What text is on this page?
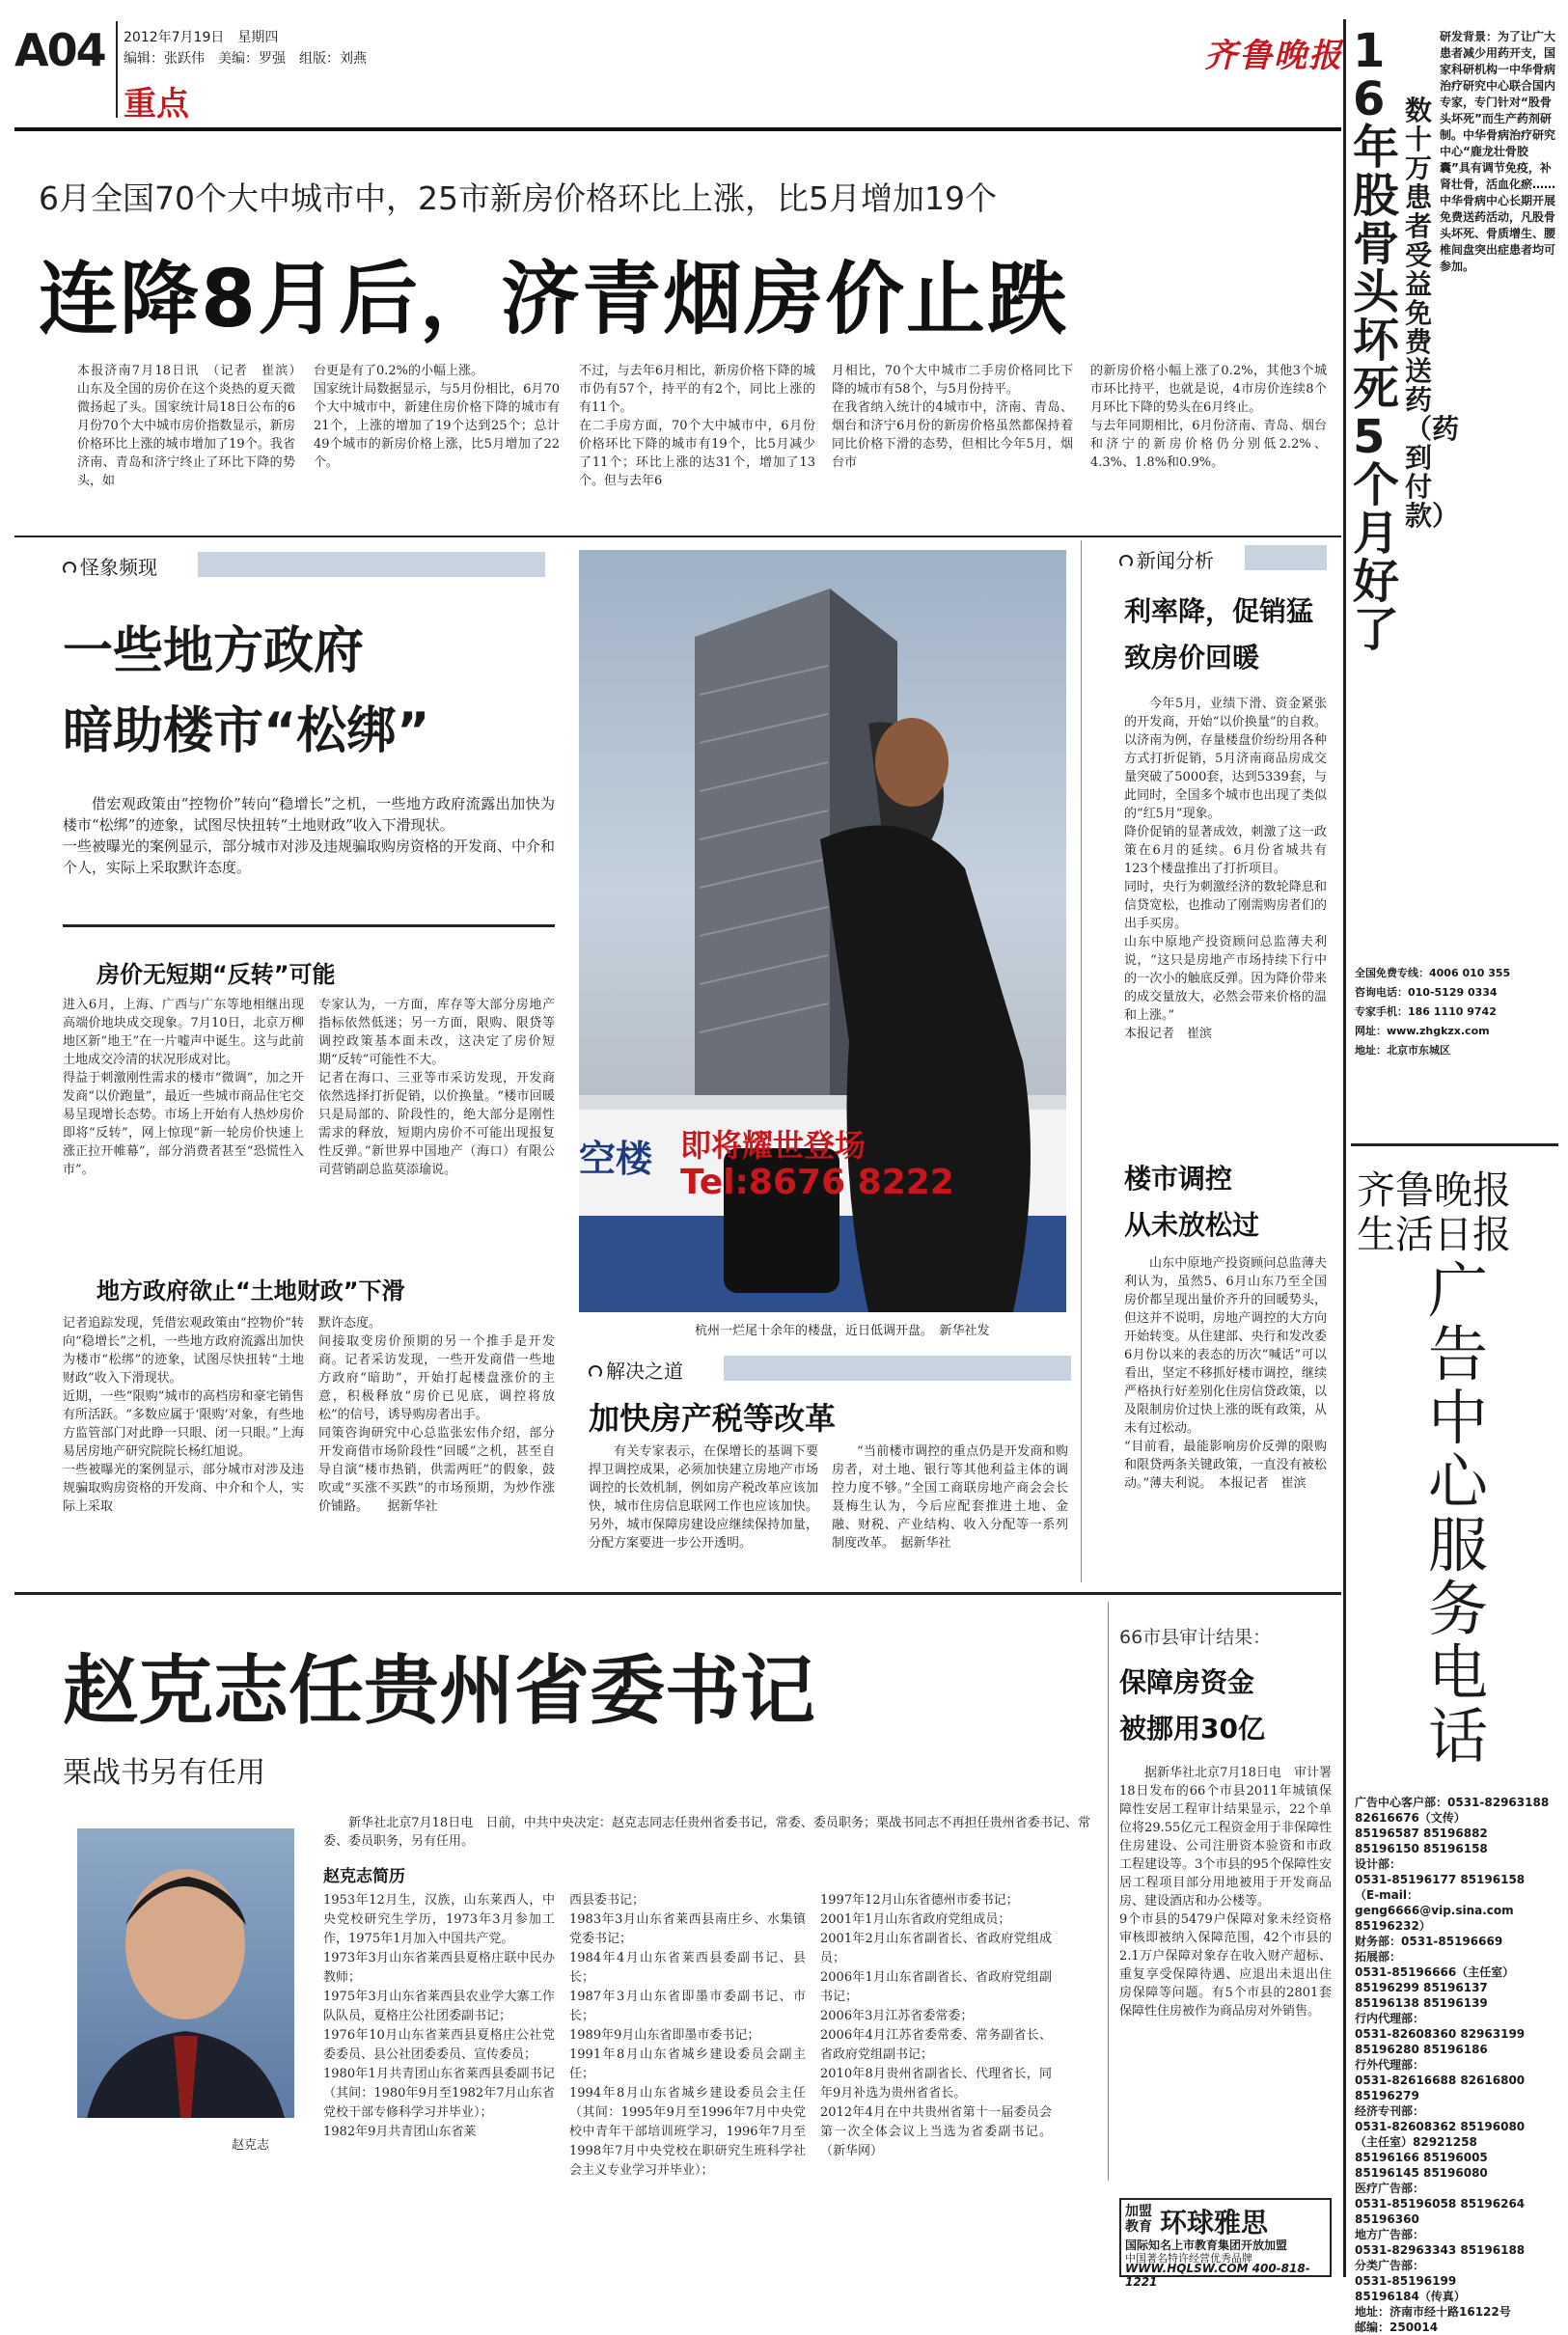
A04 2012年7月19日　星期四
编辑：张跃伟　美编：罗强　组版：刘燕
重点
齐鲁晚报
6月全国70个大中城市中，25市新房价格环比上涨，比5月增加19个
连降8月后，济青烟房价止跌
本报济南7月18日讯　（记者　崔滨）　山东及全国的房价在这个炎热的夏天微微扬起了头。国家统计局18日公布的6月份70个大中城市房价指数显示，新房价格环比上涨的城市增加了19个。我省济南、青岛和济宁终止了环比下降的势头，如
台更是有了0.2%的小幅上涨。
国家统计局数据显示，与5月份相比，6月70个大中城市中，新建住房价格下降的城市有21个，上涨的增加了19个达到25个；总计49个城市的新房价格上涨，比5月增加了22个。
不过，与去年6月相比，新房价格下降的城市仍有57个，持平的有2个，同比上涨的有11个。
在二手房方面，70个大中城市中，6月份价格环比下降的城市有19个，比5月减少了11个；环比上涨的达31个，增加了13个。但与去年6
月相比，70个大中城市二手房价格同比下降的城市有58个，与5月份持平。
在我省纳入统计的4城市中，济南、青岛、烟台和济宁6月份的新房价格虽然都保持着同比价格下滑的态势，但相比今年5月，烟台市
的新房价格小幅上涨了0.2%，其他3个城市环比持平，也就是说，4市房价连续8个月环比下降的势头在6月终止。
与去年同期相比，6月份济南、青岛、烟台和济宁的新房价格仍分别低2.2%、4.3%、1.8%和0.9%。
怪象频现
一些地方政府
暗助楼市“松绑”
借宏观政策由“控物价”转向“稳增长”之机，一些地方政府流露出加快为楼市“松绑”的迹象，试图尽快扭转“土地财政”收入下滑现状。
一些被曝光的案例显示，部分城市对涉及违规骗取购房资格的开发商、中介和个人，实际上采取默许态度。
房价无短期“反转”可能
进入6月，上海、广西与广东等地相继出现高端价地块成交现象。7月10日，北京万柳地区新“地王”在一片嘘声中诞生。这与此前土地成交冷清的状况形成对比。
得益于刺激刚性需求的楼市“微调”，加之开发商“以价跑量”，最近一些城市商品住宅交易呈现增长态势。市场上开始有人热炒房价即将“反转”，网上惊现“新一轮房价快速上涨正拉开帷幕”，部分消费者甚至“恐慌性入市”。
专家认为，一方面，库存等大部分房地产指标依然低迷；另一方面，限购、限贷等调控政策基本面未改，这决定了房价短期“反转”可能性不大。
记者在海口、三亚等市采访发现，开发商依然选择打折促销，以价换量。“楼市回暖只是局部的、阶段性的，绝大部分是刚性需求的释放，短期内房价不可能出现报复性反弹。”新世界中国地产（海口）有限公司营销副总监莫添瑜说。
地方政府欲止“土地财政”下滑
记者追踪发现，凭借宏观政策由“控物价”转向“稳增长”之机，一些地方政府流露出加快为楼市“松绑”的迹象，试图尽快扭转“土地财政”收入下滑现状。
近期，一些“限购”城市的高档房和豪宅销售有所活跃。“多数应属于‘限购’对象，有些地方监管部门对此睁一只眼、闭一只眼。”上海易居房地产研究院院长杨红旭说。
一些被曝光的案例显示，部分城市对涉及违规骗取购房资格的开发商、中介和个人，实际上采取
默许态度。
间接取变房价预期的另一个推手是开发商。记者采访发现，一些开发商借一些地方政府“暗助”，开始打起楼盘涨价的主意，积极释放“房价已见底，调控将放松”的信号，诱导购房者出手。
同策咨询研究中心总监张宏伟介绍，部分开发商借市场阶段性“回暖”之机，甚至自导自演“楼市热销，供需两旺”的假象，鼓吹或“买涨不买跌”的市场预期，为炒作涨价铺路。　　据新华社
空楼 即将耀世登场
Tel:8676 8222
杭州一烂尾十余年的楼盘，近日低调开盘。　新华社发
解决之道
加快房产税等改革
有关专家表示，在保增长的基调下要捍卫调控成果，必须加快建立房地产市场调控的长效机制，例如房产税改革应该加快，城市住房信息联网工作也应该加快。另外，城市保障房建设应继续保持加量，分配方案要进一步公开透明。
“当前楼市调控的重点仍是开发商和购房者，对土地、银行等其他利益主体的调控力度不够。”全国工商联房地产商会会长聂梅生认为，今后应配套推进土地、金融、财税、产业结构、收入分配等一系列制度改革。　据新华社
新闻分析
利率降，促销猛
致房价回暖
今年5月，业绩下滑、资金紧张的开发商，开始“以价换量”的自救。以济南为例，存量楼盘价纷纷用各种方式打折促销，5月济南商品房成交量突破了5000套，达到5339套，与此同时，全国多个城市也出现了类似的“红5月”现象。
降价促销的显著成效，刺激了这一政策在6月的延续。6月份省城共有123个楼盘推出了打折项目。
同时，央行为刺激经济的数轮降息和信贷宽松，也推动了刚需购房者们的出手买房。
山东中原地产投资顾问总监薄夫利说，“这只是房地产市场持续下行中的一次小的触底反弹。因为降价带来的成交量放大，必然会带来价格的温和上涨。”
本报记者　崔滨
楼市调控
从未放松过
山东中原地产投资顾问总监薄夫利认为，虽然5、6月山东乃至全国房价都呈现出量价齐升的回暖势头，但这并不说明，房地产调控的大方向开始转变。从住建部、央行和发改委6月份以来的表态的历次“喊话”可以看出，坚定不移抓好楼市调控，继续严格执行好差别化住房信贷政策，以及限制房价过快上涨的既有政策，从未有过松动。
“目前看，最能影响房价反弹的限购和限贷两条关键政策，一直没有被松动。”薄夫利说。　本报记者　崔滨
赵克志任贵州省委书记
栗战书另有任用
新华社北京7月18日电　日前，中共中央决定：赵克志同志任贵州省委书记，常委、委员职务；栗战书同志不再担任贵州省委书记、常委、委员职务，另有任用。
赵克志简历
赵克志
1953年12月生，汉族，山东莱西人，中央党校研究生学历，1973年3月参加工作，1975年1月加入中国共产党。
1973年3月山东省莱西县夏格庄联中民办教师；
1975年3月山东省莱西县农业学大寨工作队队员，夏格庄公社团委副书记；
1976年10月山东省莱西县夏格庄公社党委委员、县公社团委委员、宣传委员；
1980年1月共青团山东省莱西县委副书记（其间：1980年9月至1982年7月山东省党校干部专修科学习并毕业）；
1982年9月共青团山东省莱
西县委书记；
1983年3月山东省莱西县南庄乡、水集镇党委书记；
1984年4月山东省莱西县委副书记、县长；
1987年3月山东省即墨市委副书记、市长；
1989年9月山东省即墨市委书记；
1991年8月山东省城乡建设委员会副主任；
1994年8月山东省城乡建设委员会主任（其间：1995年9月至1996年7月中央党校中青年干部培训班学习，1996年7月至1998年7月中央党校在职研究生班科学社会主义专业学习并毕业）；
1997年12月山东省德州市委书记；
2001年1月山东省政府党组成员；
2001年2月山东省副省长、省政府党组成员；
2006年1月山东省副省长、省政府党组副书记；
2006年3月江苏省委常委；
2006年4月江苏省委常委、常务副省长、省政府党组副书记；
2010年8月贵州省副省长、代理省长，同年9月补选为贵州省省长。
2012年4月在中共贵州省第十一届委员会第一次全体会议上当选为省委副书记。（新华网）
66市县审计结果：
保障房资金
被挪用30亿
据新华社北京7月18日电　审计署18日发布的66个市县2011年城镇保障性安居工程审计结果显示，22个单位将29.55亿元工程资金用于非保障性住房建设、公司注册资本验资和市政工程建设等。3个市县的95个保障性安居工程项目部分用地被用于开发商品房、建设酒店和办公楼等。
9个市县的5479户保障对象未经资格审核即被纳入保障范围，42个市县的2.1万户保障对象存在收入财产超标、重复享受保障待遇、应退出未退出住房保障等问题。有5个市县的2801套保障性住房被作为商品房对外销售。
加盟教育 环球雅思
国际知名上市教育集团开放加盟
中国著名特许经营优秀品牌
WWW.HQLSW.COM 400-818-1221
16年股骨头坏死 5个月好了
数十万患者受益 免费送药（药到付款）
研发背景：为了让广大患者减少用药开支，国家科研机构一中华骨病治疗研究中心联合国内专家，专门针对“股骨头坏死”而生产药剂研制。中华骨病治疗研究中心“鹿龙壮骨胶囊”具有调节免疫，补肾壮骨，活血化瘀……中华骨病中心长期开展免费送药活动，凡股骨头坏死、骨质增生、腰椎间盘突出症患者均可参加。
全国免费专线：4006 010 355
咨询电话：010-5129 0334
专家手机：186 1110 9742
网址：www.zhgkzx.com
地址：北京市东城区
齐鲁晚报
生活日报
广告中心服务电话
广告中心客户部：0531-82963188 82616676（文传）
85196587 85196882
85196150 85196158
设计部：
0531-85196177 85196158
（E-mail：geng6666@vip.sina.com 85196232）
财务部：0531-85196669
拓展部：
0531-85196666（主任室）
85196299 85196137
85196138 85196139
行内代理部：
0531-82608360 82963199
85196280 85196186
行外代理部：
0531-82616688 82616800
85196279
经济专刊部：
0531-82608362 85196080
（主任室）82921258
85196166 85196005
85196145 85196080
医疗广告部：
0531-85196058 85196264
85196360
地方广告部：
0531-82963343 85196188
分类广告部：
0531-85196199
85196184（传真）
地址：济南市经十路16122号
邮编：250014
